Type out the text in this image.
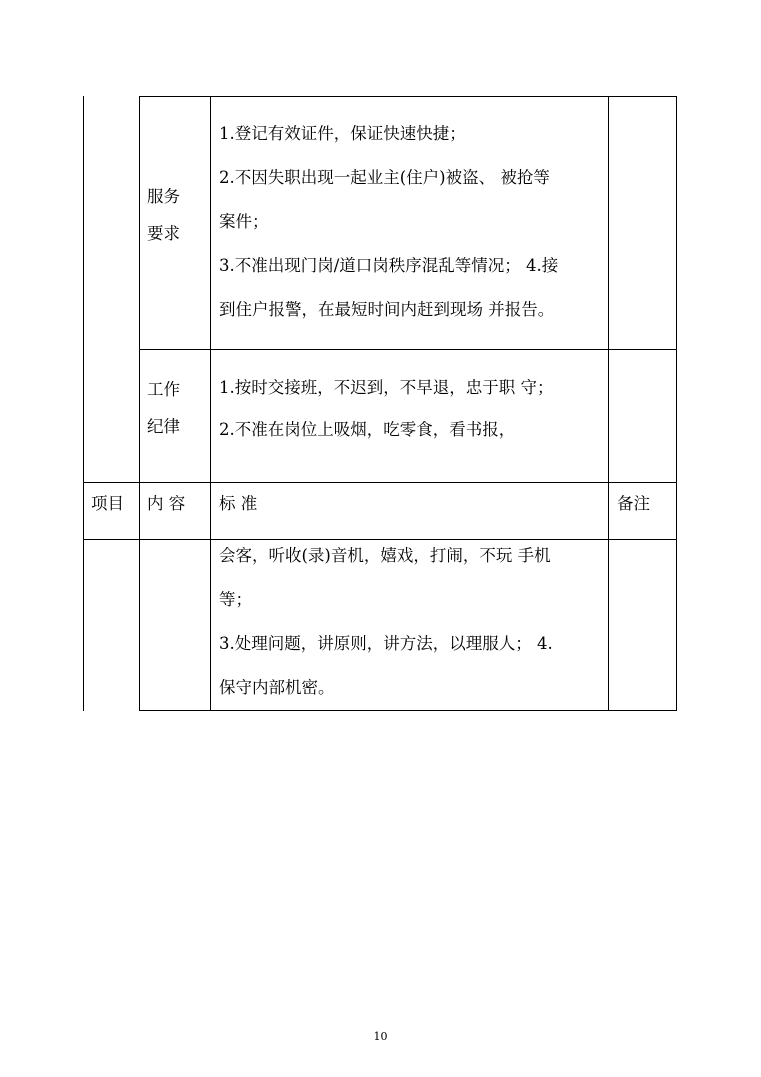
服务
要求
1.登记有效证件，保证快速快捷；
2.不因失职出现一起业主(住户)被盗、 被抢等
案件；
3.不准出现门岗/道口岗秩序混乱等情况； 4.接
到住户报警，在最短时间内赶到现场 并报告。
工作
纪律
1.按时交接班，不迟到，不早退，忠于职 守；
2.不准在岗位上吸烟，吃零食，看书报，
项目 内 容 标 准	备注
会客，听收(录)音机，嬉戏，打闹，不玩 手机
等；
3.处理问题，讲原则，讲方法，以理服人； 4.
保守内部机密。
10
